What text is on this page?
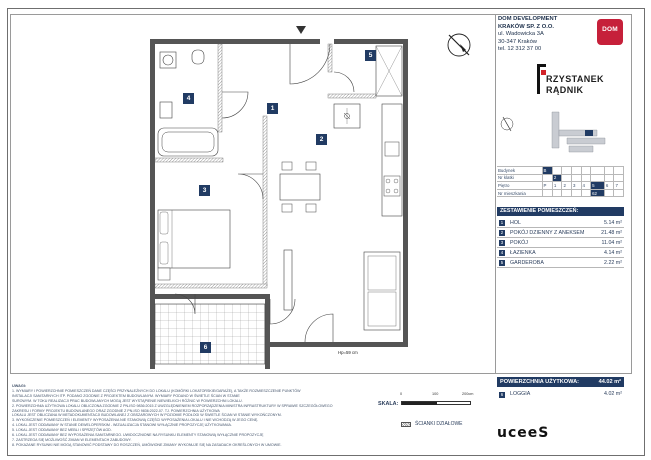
1
2
3
4
5
6
Hp=59 cm
DOM DEVELOPMENT
KRAKÓW SP. Z O.O.
ul. Wadowicka 3A
30-347 Kraków
tel. 12 312 37 00
DOM
RZYSTANEK
RĄDNIK
Budynek	B							
Nr klatki		2						
Piętro	P	1	2	3	4	5	6	7
Nr mieszkania						62		
ZESTAWIENIE POMIESZCZEŃ:
1	HOL	5.14 m²
2	POKÓJ DZIENNY Z ANEKSEM	21.48 m²
3	POKÓJ	11.04 m²
4	ŁAZIENKA	4.14 m²
5	GARDEROBA	2.22 m²
POWIERZCHNIA UŻYTKOWA:	44.02 m²
6	LOGGIA	4.02 m²

UWAGI:

1. WYMIARY I POWIERZCHNIE POMIESZCZEŃ DANE CZĘŚCI PRZYNALEŻNYCH DO LOKALU (KOMÓRKI LOKATORSKIE/GARAŻE), A TAKŻE ROZMIESZCZENIE PUNKTÓW

INSTALACJI SANITARNYCH ITP. PODANO ZGODNIE Z PROJEKTEM BUDOWLANYM. WYMIARY PODANO W ŚWIETLE ŚCIAN W STANIE

SUROWYM. W TOKU REALIZACJI PRAC BUDOWLANYCH MOGĄ JEST WYSTĄPIENIE NIEWIELKICH RÓŻNIC W POWIERZCHNI LOKALU.

2. POWIERZCHNIA UŻYTKOWA LOKALU OBLICZONA ZGODNIE Z PN-ISO 9836:2015 Z UWZGLĘDNIENIEM ROZPORZĄDZENIA MINISTRA INFRASTRUKTURY W SPRAWIE SZCZEGÓŁOWEGO

ZAKRESU I FORMY PROJEKTU BUDOWLANEGO ORAZ ZGODNIE Z PN-ISO 9836:2022-07. TJ. POWIERZCHNIA UŻYTKOWA

LOKALU JEST OBLICZANA W METADOKUMENTACJI BUDOWLANEJ Z OBSZAROWYCH W POZIOMIE PODŁOGI W ŚWIETLE ŚCIAN W STANIE WYKOŃCZONYM.

3. WYKOŃCZENIE POMIESZCZEŃ I ELEMENTY WYPOSAŻENIA NIE STANOWIĄ CZĘŚCI WYPOSAŻENIA LOKALU I NIE WCHODZĄ W JEGO CENĘ.

4. LOKAL JEST ODDAWANY W STANIE DEWELOPERSKIM - WIZUALIZACJA STANOWI WYŁĄCZNIE PROPOZYCJĘ UŻYTKOWANIA.

5. LOKAL JEST ODDAWANY BEZ MEBLI I SPRZĘTÓW AGD.

6. LOKAL JEST ODDAWANY BEZ WYPOSAŻENIA SANITARNEGO. UWIDOCZNIONE NA RYSUNKU ELEMENTY STANOWIĄ WYŁĄCZNIE PROPOZYCJĘ

7. ZASTRZEGA SIĘ MOŻLIWOŚĆ ZMIAN W ELEMENTACH ZABUDOWY.

8. POKAZANE RYSUNKI NIE MOGĄ STANOWIĆ PODSTAWY DO ROSZCZEŃ, UMÓWIONE ZMIANY WYKONUJE SIĘ NA ZASADACH OKREŚLONYCH W UMOWIE.

SKALA:
0	100	200cm
ŚCIANKI DZIAŁOWE
uceeS
